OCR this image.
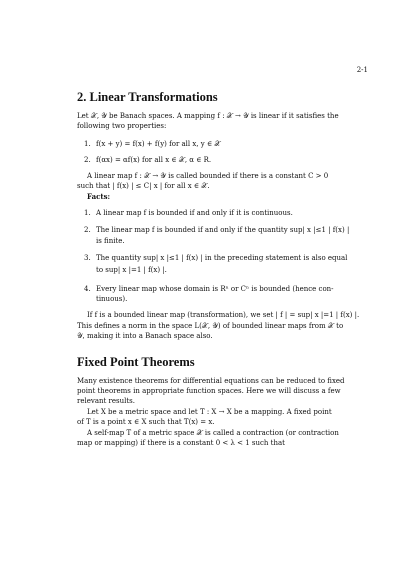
2-1
2. Linear Transformations
Let 𝒳, 𝒴 be Banach spaces. A mapping f : 𝒳 → 𝒴 is linear if it satisfies the
following two properties:
1. f(x + y) = f(x) + f(y) for all x, y ∈ 𝒳
2. f(αx) = αf(x) for all x ∈ 𝒳, α ∈ R.
A linear map f : 𝒳 → 𝒴 is called bounded if there is a constant C > 0
such that | f(x) | ≤ C| x | for all x ∈ 𝒳.
Facts:
1. A linear map f is bounded if and only if it is continuous.
2. The linear map f is bounded if and only if the quantity sup| x |≤1 | f(x) |
is finite.
3. The quantity sup| x |≤1 | f(x) | in the preceding statement is also equal
to sup| x |=1 | f(x) |.
4. Every linear map whose domain is Rⁿ or Cⁿ is bounded (hence con-
tinuous).
If f is a bounded linear map (transformation), we set | f | = sup| x |=1 | f(x) |.
This defines a norm in the space L(𝒳, 𝒴) of bounded linear maps from 𝒳 to
𝒴, making it into a Banach space also.
Fixed Point Theorems
Many existence theorems for differential equations can be reduced to fixed
point theorems in appropriate function spaces. Here we will discuss a few
relevant results.
Let X be a metric space and let T : X → X be a mapping. A fixed point
of T is a point x ∈ X such that T(x) = x.
A self-map T of a metric space 𝒳 is called a contraction (or contraction
map or mapping) if there is a constant 0 < λ < 1 such that
